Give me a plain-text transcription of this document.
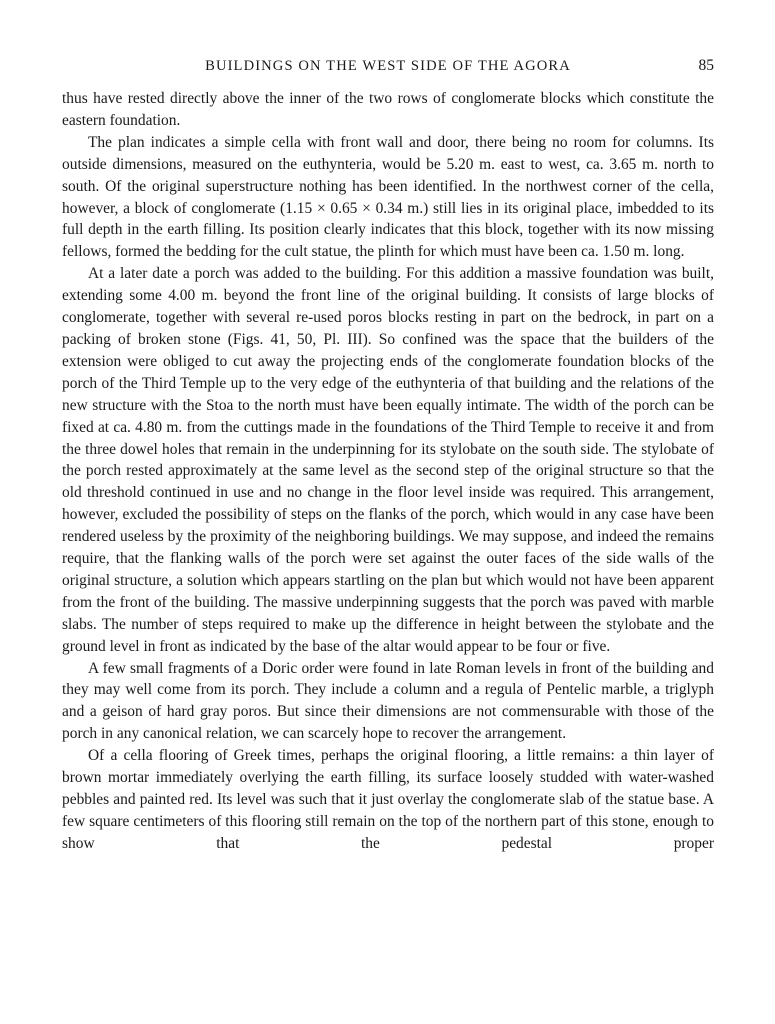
BUILDINGS ON THE WEST SIDE OF THE AGORA	85

thus have rested directly above the inner of the two rows of conglomerate blocks which constitute the eastern foundation.

The plan indicates a simple cella with front wall and door, there being no room for columns. Its outside dimensions, measured on the euthynteria, would be 5.20 m. east to west, ca. 3.65 m. north to south. Of the original superstructure nothing has been identified. In the northwest corner of the cella, however, a block of conglomerate (1.15 × 0.65 × 0.34 m.) still lies in its original place, imbedded to its full depth in the earth filling. Its position clearly indicates that this block, together with its now missing fellows, formed the bedding for the cult statue, the plinth for which must have been ca. 1.50 m. long.

At a later date a porch was added to the building. For this addition a massive foundation was built, extending some 4.00 m. beyond the front line of the original building. It consists of large blocks of conglomerate, together with several re-used poros blocks resting in part on the bedrock, in part on a packing of broken stone (Figs. 41, 50, Pl. III). So confined was the space that the builders of the extension were obliged to cut away the projecting ends of the conglomerate foundation blocks of the porch of the Third Temple up to the very edge of the euthynteria of that building and the relations of the new structure with the Stoa to the north must have been equally intimate. The width of the porch can be fixed at ca. 4.80 m. from the cuttings made in the foundations of the Third Temple to receive it and from the three dowel holes that remain in the underpinning for its stylobate on the south side. The stylobate of the porch rested approximately at the same level as the second step of the original structure so that the old threshold continued in use and no change in the floor level inside was required. This arrangement, however, excluded the possibility of steps on the flanks of the porch, which would in any case have been rendered useless by the proximity of the neighboring buildings. We may suppose, and indeed the remains require, that the flanking walls of the porch were set against the outer faces of the side walls of the original structure, a solution which appears startling on the plan but which would not have been apparent from the front of the building. The massive underpinning suggests that the porch was paved with marble slabs. The number of steps required to make up the difference in height between the stylobate and the ground level in front as indicated by the base of the altar would appear to be four or five.

A few small fragments of a Doric order were found in late Roman levels in front of the building and they may well come from its porch. They include a column and a regula of Pentelic marble, a triglyph and a geison of hard gray poros. But since their dimensions are not commensurable with those of the porch in any canonical relation, we can scarcely hope to recover the arrangement.

Of a cella flooring of Greek times, perhaps the original flooring, a little remains: a thin layer of brown mortar immediately overlying the earth filling, its surface loosely studded with water-washed pebbles and painted red. Its level was such that it just overlay the conglomerate slab of the statue base. A few square centimeters of this flooring still remain on the top of the northern part of this stone, enough to show that the pedestal proper
